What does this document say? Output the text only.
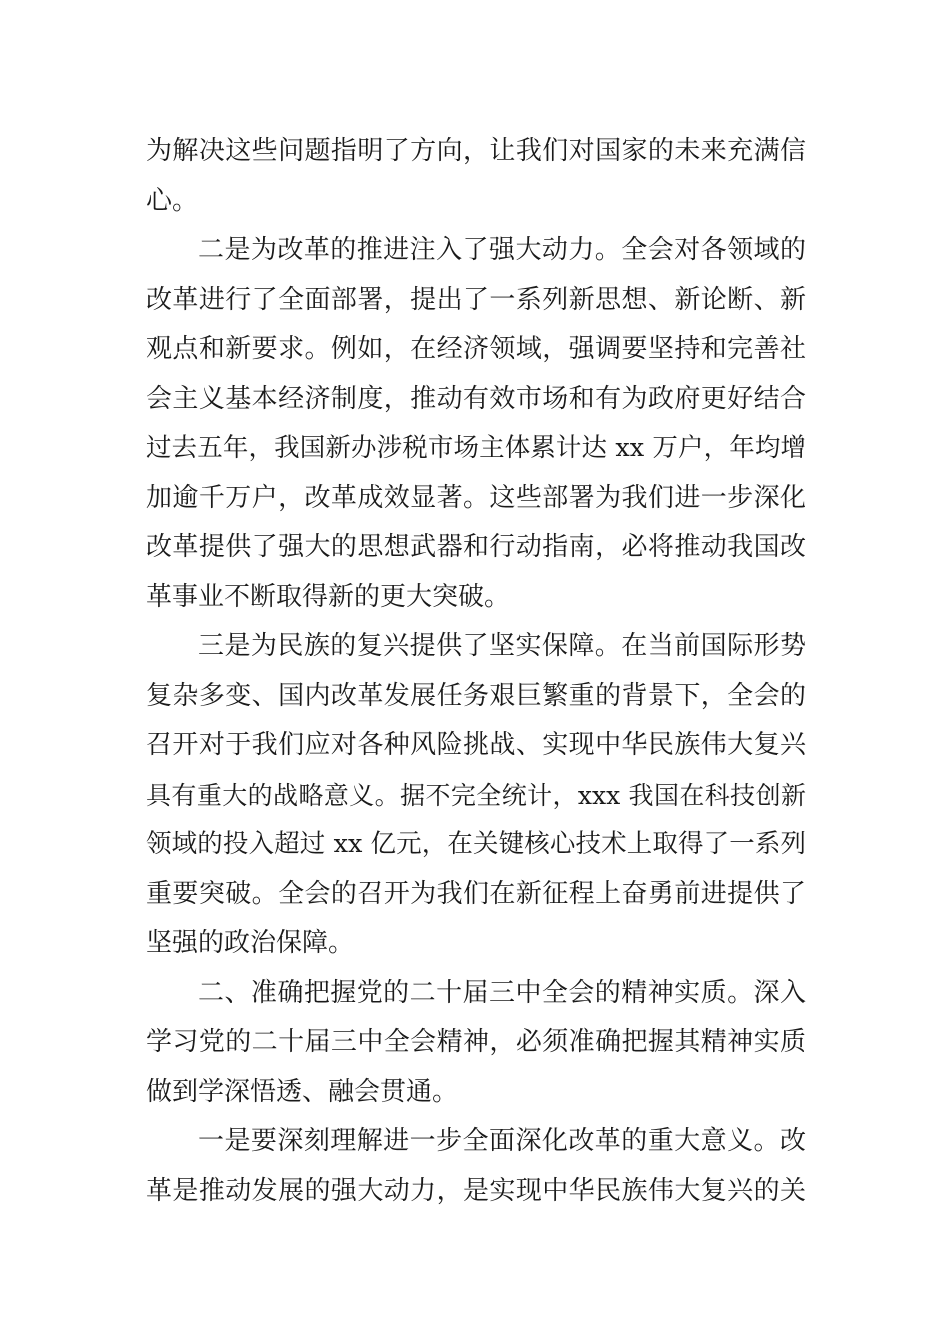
为解决这些问题指明了方向，让我们对国家的未来充满信
心。
二是为改革的推进注入了强大动力。全会对各领域的
改革进行了全面部署，提出了一系列新思想、新论断、新
观点和新要求。例如，在经济领域，强调要坚持和完善社
会主义基本经济制度，推动有效市场和有为政府更好结合
过去五年，我国新办涉税市场主体累计达 xx 万户，年均增
加逾千万户，改革成效显著。这些部署为我们进一步深化
改革提供了强大的思想武器和行动指南，必将推动我国改
革事业不断取得新的更大突破。
三是为民族的复兴提供了坚实保障。在当前国际形势
复杂多变、国内改革发展任务艰巨繁重的背景下，全会的
召开对于我们应对各种风险挑战、实现中华民族伟大复兴
具有重大的战略意义。据不完全统计，xxx 我国在科技创新
领域的投入超过 xx 亿元，在关键核心技术上取得了一系列
重要突破。全会的召开为我们在新征程上奋勇前进提供了
坚强的政治保障。
二、准确把握党的二十届三中全会的精神实质。深入
学习党的二十届三中全会精神，必须准确把握其精神实质
做到学深悟透、融会贯通。
一是要深刻理解进一步全面深化改革的重大意义。改
革是推动发展的强大动力，是实现中华民族伟大复兴的关
